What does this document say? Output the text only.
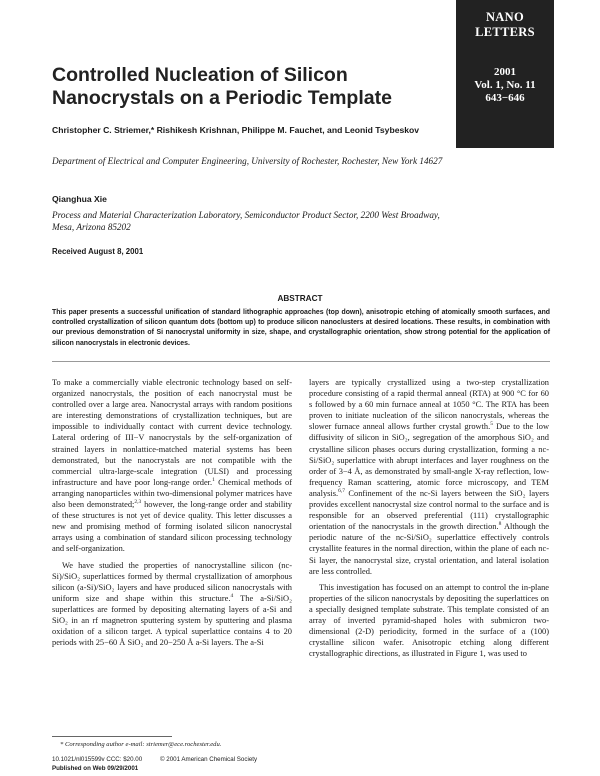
NANO
LETTERS
2001
Vol. 1, No. 11
643−646
Controlled Nucleation of Silicon Nanocrystals on a Periodic Template
Christopher C. Striemer,* Rishikesh Krishnan, Philippe M. Fauchet, and Leonid Tsybeskov
Department of Electrical and Computer Engineering, University of Rochester, Rochester, New York 14627
Qianghua Xie
Process and Material Characterization Laboratory, Semiconductor Product Sector, 2200 West Broadway, Mesa, Arizona 85202
Received August 8, 2001
ABSTRACT
This paper presents a successful unification of standard lithographic approaches (top down), anisotropic etching of atomically smooth surfaces, and controlled crystallization of silicon quantum dots (bottom up) to produce silicon nanoclusters at desired locations. These results, in combination with our previous demonstration of Si nanocrystal uniformity in size, shape, and crystallographic orientation, show strong potential for the application of silicon nanocrystals in electronic devices.

To make a commercially viable electronic technology based on self-organized nanocrystals, the position of each nanocrystal must be controlled over a large area. Nanocrystal arrays with random positions are interesting demonstrations of crystallization techniques, but are impossible to individually contact with current device technology. Lateral ordering of III−V nanocrystals by the self-organization of strained layers in nonlattice-matched material systems has been demonstrated, but the nanocrystals are not compatible with the commercial ultra-large-scale integration (ULSI) and processing infrastructure and have poor long-range order.$^1$ Chemical methods of arranging nanoparticles within two-dimensional polymer matrices have also been demonstrated;$^{2,3}$ however, the long-range order and stability of these structures is not yet of device quality. This letter discusses a new and promising method of forming isolated silicon nanocrystal arrays using a combination of standard silicon processing technology and self-organization.

We have studied the properties of nanocrystalline silicon (nc-Si)/SiO₂ superlattices formed by thermal crystallization of amorphous silicon (a-Si)/SiO₂ layers and have produced silicon nanocrystals with uniform size and shape within this structure.$^4$ The a-Si/SiO₂ superlattices are formed by depositing alternating layers of a-Si and SiO₂ in an rf magnetron sputtering system by sputtering and plasma oxidation of a silicon target. A typical superlattice contains 4 to 20 periods with 25−60 Å SiO₂ and 20−250 Å a-Si layers. The a-Si

layers are typically crystallized using a two-step crystallization procedure consisting of a rapid thermal anneal (RTA) at 900 °C for 60 s followed by a 60 min furnace anneal at 1050 °C. The RTA has been proven to initiate nucleation of the silicon nanocrystals, whereas the slower furnace anneal allows further crystal growth.$^5$ Due to the low diffusivity of silicon in SiO₂, segregation of the amorphous SiO₂ and crystalline silicon phases occurs during crystallization, forming a nc-Si/SiO₂ superlattice with abrupt interfaces and layer roughness on the order of 3−4 Å, as demonstrated by small-angle X-ray reflection, low-frequency Raman scattering, atomic force microscopy, and TEM analysis.$^{6,7}$ Confinement of the nc-Si layers between the SiO₂ layers provides excellent nanocrystal size control normal to the surface and is responsible for an observed preferential (111) crystallographic orientation of the nanocrystals in the growth direction.$^8$ Although the periodic nature of the nc-Si/SiO₂ superlattice effectively controls crystallite features in the normal direction, within the plane of each nc-Si layer, the nanocrystal size, crystal orientation, and lateral isolation are less controlled.

This investigation has focused on an attempt to control the in-plane properties of the silicon nanocrystals by depositing the superlattices on a specially designed template substrate. This template consisted of an array of inverted pyramid-shaped holes with submicron two-dimensional (2-D) periodicity, formed in the surface of a (100) crystalline silicon wafer. Anisotropic etching along different crystallographic directions, as illustrated in Figure 1, was used to

* Corresponding author e-mail: striemer@ece.rochester.edu.
10.1021/nl015599v CCC: $20.00	© 2001 American Chemical Society
Published on Web 09/29/2001
